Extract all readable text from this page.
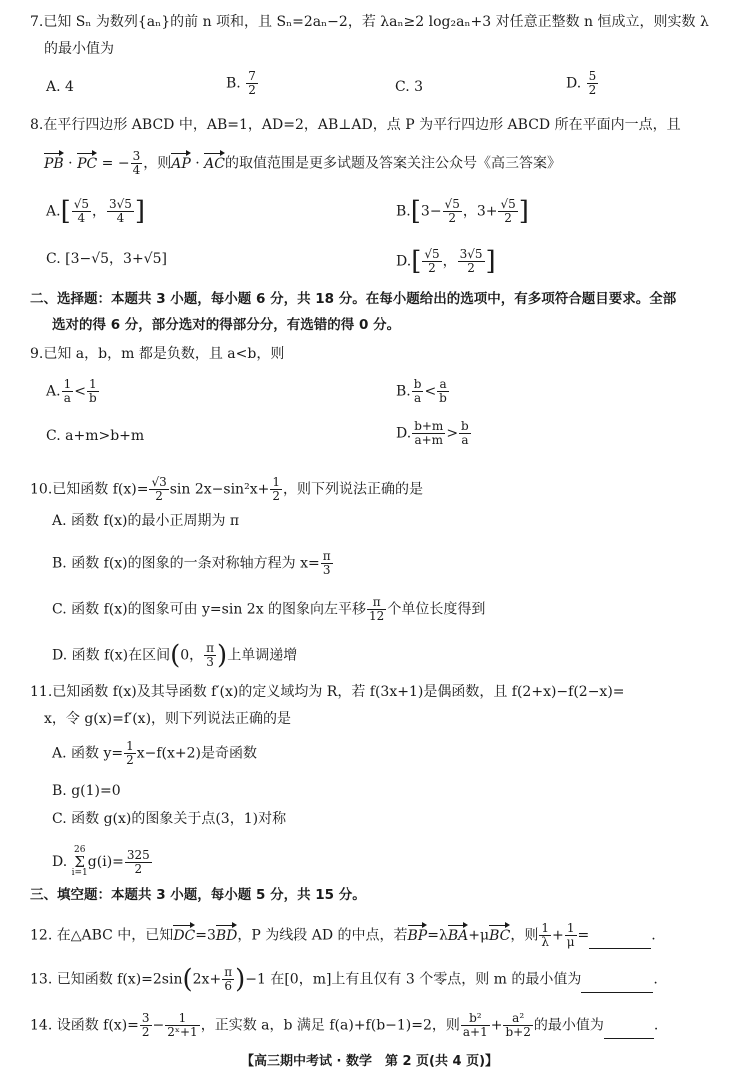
7.已知 Sₙ 为数列{aₙ}的前 n 项和，且 Sₙ=2aₙ−2，若 λaₙ≥2 log₂aₙ+3 对任意正整数 n 恒成立，则实数 λ
的最小值为
A. 4	B. $\frac{7}{2}$	C. 3	D. $\frac{5}{2}$
8.在平行四边形 ABCD 中，AB=1，AD=2，AB⊥AD，点 P 为平行四边形 ABCD 所在平面内一点，且
PB · PC = − $\frac{3}{4}$ ，则AP · AC的取值范围是更多试题及答案关注公众号《高三答案》
$A.[ \frac{√5}{4}$ ， $\frac{3√5}{4}$ ]	$B.[3- \frac{√5}{2}$ ，$3+ \frac{√5}{2}$ ]
C. [3−√5，3+√5]	$D.[ \frac{√5}{2}$ ， $\frac{3√5}{2}$ ]
二、选择题：本题共 3 小题，每小题 6 分，共 18 分。在每小题给出的选项中，有多项符合题目要求。全部
选对的得 6 分，部分选对的得部分分，有选错的得 0 分。
9.已知 a，b，m 都是负数，且 a<b，则
A. $\frac{1}{a} < \frac{1}{b}$	B. $\frac{b}{a} < \frac{a}{b}$
C. a+m>b+m	D. $\frac{b+m}{a+m} > \frac{b}{a}$
10.已知函数 $f(x)= \frac{√3}{2}$ $\sin 2x-\sin^2x+ \frac{1}{2}$ ，则下列说法正确的是
A. 函数 f(x)的最小正周期为 π
B. 函数 f(x)的图象的一条对称轴方程为 $x= \frac{\pi}{3}$
C. 函数 f(x)的图象可由 y=sin 2x 的图象向左平移 $\frac{\pi}{12}$ 个单位长度得到
D. 函数 f(x)在区间(0， $\frac{\pi}{3}$ )上单调递增
11.已知函数 f(x)及其导函数 f′(x)的定义域均为 R，若 f(3x+1)是偶函数，且 f(2+x)−f(2−x)=
x，令 g(x)=f′(x)，则下列说法正确的是
A. 函数 $y= \frac{1}{2} x-f(x+2)$是奇函数
B. g(1)=0
C. 函数 g(x)的图象关于点(3，1)对称
D.
26
Σ
i=1
$g(i)= \frac{325}{2}$
三、填空题：本题共 3 小题，每小题 5 分，共 15 分。
12. 在△ABC 中，已知DC=3BD，P 为线段 AD 的中点，若BP=λBA+μBC，则 $\frac{1}{\lambda} + \frac{1}{\mu}$ =	.
13. 已知函数 $f(x)=2\sin(2x+ \frac{\pi}{6} )-1$ 在[0，m]上有且仅有 3 个零点，则 m 的最小值为	.
14. 设函数 $f(x)= \frac{3}{2} - \frac{1}{\text{2ˣ+1}}$ ，正实数 a，b 满足 f(a)+f(b−1)=2，则 $\frac{\text{b²}}{a+1} + \frac{\text{a²}}{b+2}$ 的最小值为	.
【高三期中考试 · 数学　第 2 页(共 4 页)】
